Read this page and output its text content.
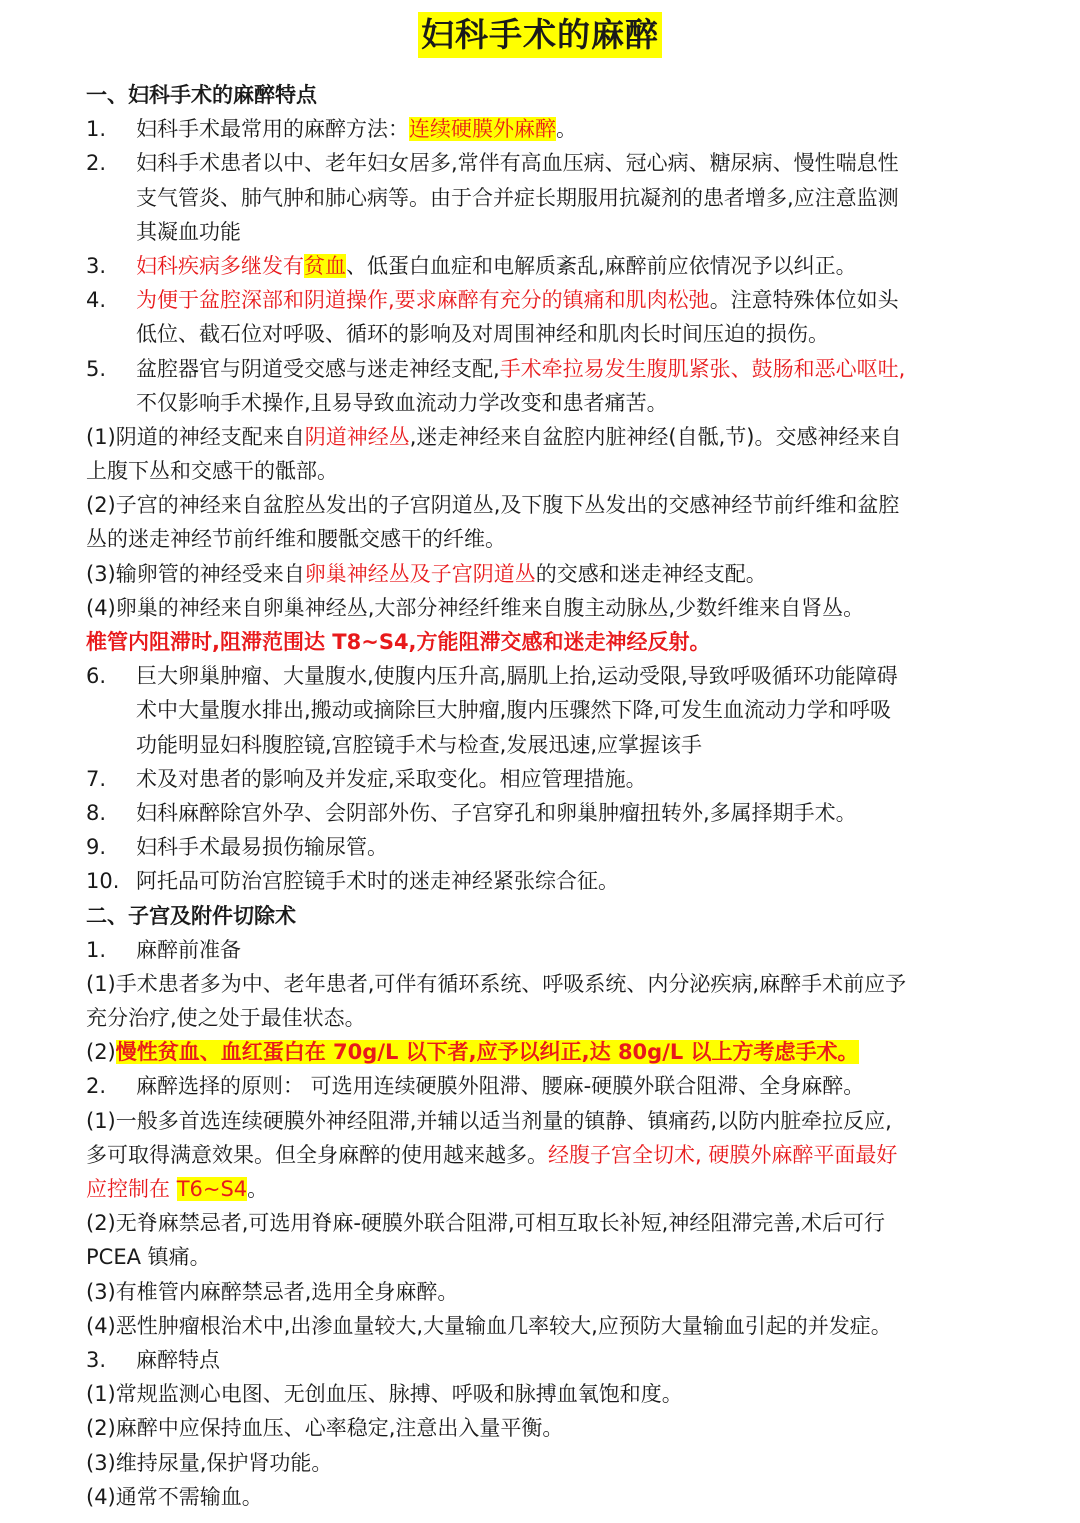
妇科手术的麻醉
一、妇科手术的麻醉特点
1. 妇科手术最常用的麻醉方法：连续硬膜外麻醉。
2. 妇科手术患者以中、老年妇女居多,常伴有高血压病、冠心病、糖尿病、慢性喘息性
支气管炎、肺气肿和肺心病等。由于合并症长期服用抗凝剂的患者增多,应注意监测
其凝血功能
3. 妇科疾病多继发有贫血、低蛋白血症和电解质紊乱,麻醉前应依情况予以纠正。
4. 为便于盆腔深部和阴道操作,要求麻醉有充分的镇痛和肌肉松弛。注意特殊体位如头
低位、截石位对呼吸、循环的影响及对周围神经和肌肉长时间压迫的损伤。
5. 盆腔器官与阴道受交感与迷走神经支配,手术牵拉易发生腹肌紧张、鼓肠和恶心呕吐,
不仅影响手术操作,且易导致血流动力学改变和患者痛苦。
(1)阴道的神经支配来自阴道神经丛,迷走神经来自盆腔内脏神经(自骶,节)。交感神经来自
上腹下丛和交感干的骶部。
(2)子宫的神经来自盆腔丛发出的子宫阴道丛,及下腹下丛发出的交感神经节前纤维和盆腔
丛的迷走神经节前纤维和腰骶交感干的纤维。
(3)输卵管的神经受来自卵巢神经丛及子宫阴道丛的交感和迷走神经支配。
(4)卵巢的神经来自卵巢神经丛,大部分神经纤维来自腹主动脉丛,少数纤维来自肾丛。
椎管内阻滞时,阻滞范围达 T8~S4,方能阻滞交感和迷走神经反射。
6. 巨大卵巢肿瘤、大量腹水,使腹内压升高,膈肌上抬,运动受限,导致呼吸循环功能障碍
术中大量腹水排出,搬动或摘除巨大肿瘤,腹内压骤然下降,可发生血流动力学和呼吸
功能明显妇科腹腔镜,宫腔镜手术与检查,发展迅速,应掌握该手
7. 术及对患者的影响及并发症,采取变化。相应管理措施。
8. 妇科麻醉除宫外孕、会阴部外伤、子宫穿孔和卵巢肿瘤扭转外,多属择期手术。
9. 妇科手术最易损伤输尿管。
10. 阿托品可防治宫腔镜手术时的迷走神经紧张综合征。
二、子宫及附件切除术
1. 麻醉前准备
(1)手术患者多为中、老年患者,可伴有循环系统、呼吸系统、内分泌疾病,麻醉手术前应予
充分治疗,使之处于最佳状态。
(2)慢性贫血、血红蛋白在 70g/L 以下者,应予以纠正,达 80g/L 以上方考虑手术。
2. 麻醉选择的原则： 可选用连续硬膜外阻滞、腰麻-硬膜外联合阻滞、全身麻醉。
(1)一般多首选连续硬膜外神经阻滞,并辅以适当剂量的镇静、镇痛药,以防内脏牵拉反应,
多可取得满意效果。但全身麻醉的使用越来越多。经腹子宫全切术, 硬膜外麻醉平面最好
应控制在 T6~S4。
(2)无脊麻禁忌者,可选用脊麻-硬膜外联合阻滞,可相互取长补短,神经阻滞完善,术后可行
PCEA 镇痛。
(3)有椎管内麻醉禁忌者,选用全身麻醉。
(4)恶性肿瘤根治术中,出渗血量较大,大量输血几率较大,应预防大量输血引起的并发症。
3. 麻醉特点
(1)常规监测心电图、无创血压、脉搏、呼吸和脉搏血氧饱和度。
(2)麻醉中应保持血压、心率稳定,注意出入量平衡。
(3)维持尿量,保护肾功能。
(4)通常不需输血。
